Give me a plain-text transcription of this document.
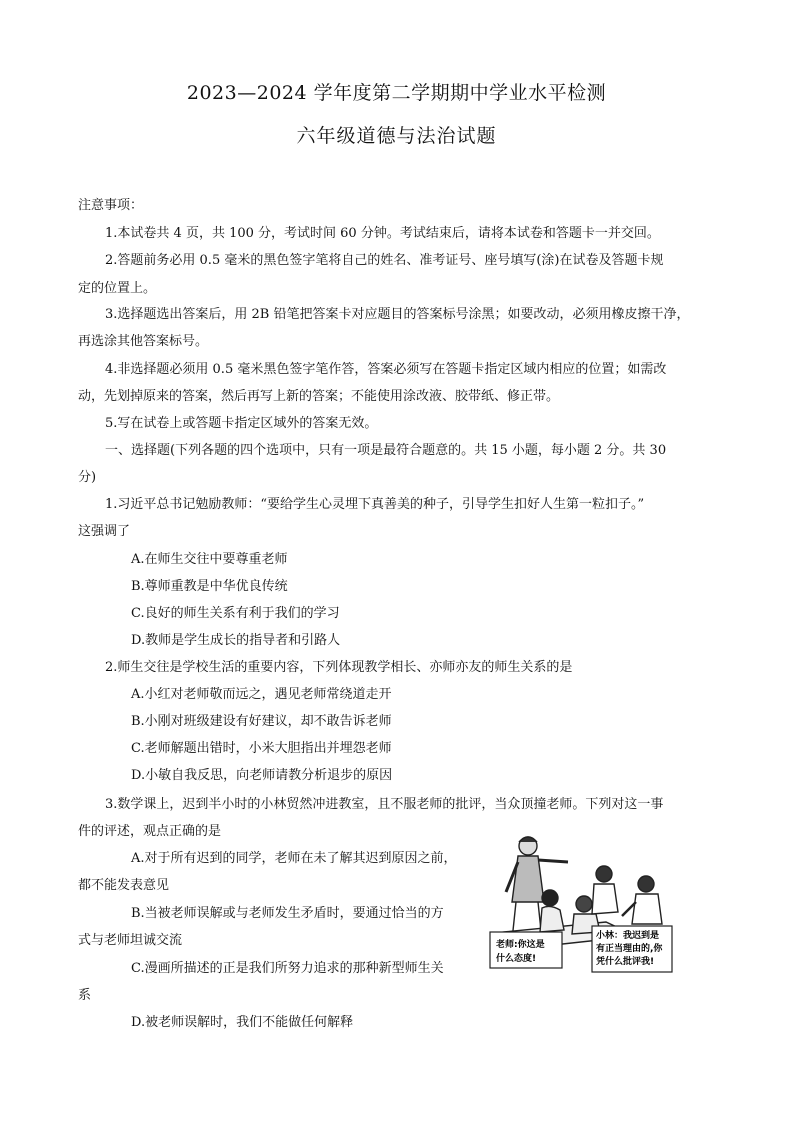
2023—2024 学年度第二学期期中学业水平检测
六年级道德与法治试题
注意事项：
1.本试卷共 4 页，共 100 分，考试时间 60 分钟。考试结束后，请将本试卷和答题卡一并交回。
2.答题前务必用 0.5 毫米的黑色签字笔将自己的姓名、准考证号、座号填写(涂)在试卷及答题卡规
定的位置上。
3.选择题选出答案后，用 2B 铅笔把答案卡对应题目的答案标号涂黑；如要改动，必须用橡皮擦干净，
再选涂其他答案标号。
4.非选择题必须用 0.5 毫米黑色签字笔作答，答案必须写在答题卡指定区域内相应的位置；如需改
动，先划掉原来的答案，然后再写上新的答案；不能使用涂改液、胶带纸、修正带。
5.写在试卷上或答题卡指定区域外的答案无效。
一、选择题(下列各题的四个选项中，只有一项是最符合题意的。共 15 小题，每小题 2 分。共 30
分)
1.习近平总书记勉励教师：“要给学生心灵埋下真善美的种子，引导学生扣好人生第一粒扣子。”
这强调了
A.在师生交往中要尊重老师
B.尊师重教是中华优良传统
C.良好的师生关系有利于我们的学习
D.教师是学生成长的指导者和引路人
2.师生交往是学校生活的重要内容，下列体现教学相长、亦师亦友的师生关系的是
A.小红对老师敬而远之，遇见老师常绕道走开
B.小刚对班级建设有好建议，却不敢告诉老师
C.老师解题出错时，小米大胆指出并埋怨老师
D.小敏自我反思，向老师请教分析退步的原因
3.数学课上，迟到半小时的小林贸然冲进教室，且不服老师的批评，当众顶撞老师。下列对这一事
件的评述，观点正确的是
A.对于所有迟到的同学，老师在未了解其迟到原因之前，
都不能发表意见
B.当被老师误解或与老师发生矛盾时，要通过恰当的方
式与老师坦诚交流
C.漫画所描述的正是我们所努力追求的那种新型师生关
系
D.被老师误解时，我们不能做任何解释
老师:你这是
什么态度!
小林：我迟到是
有正当理由的,你
凭什么批评我!
